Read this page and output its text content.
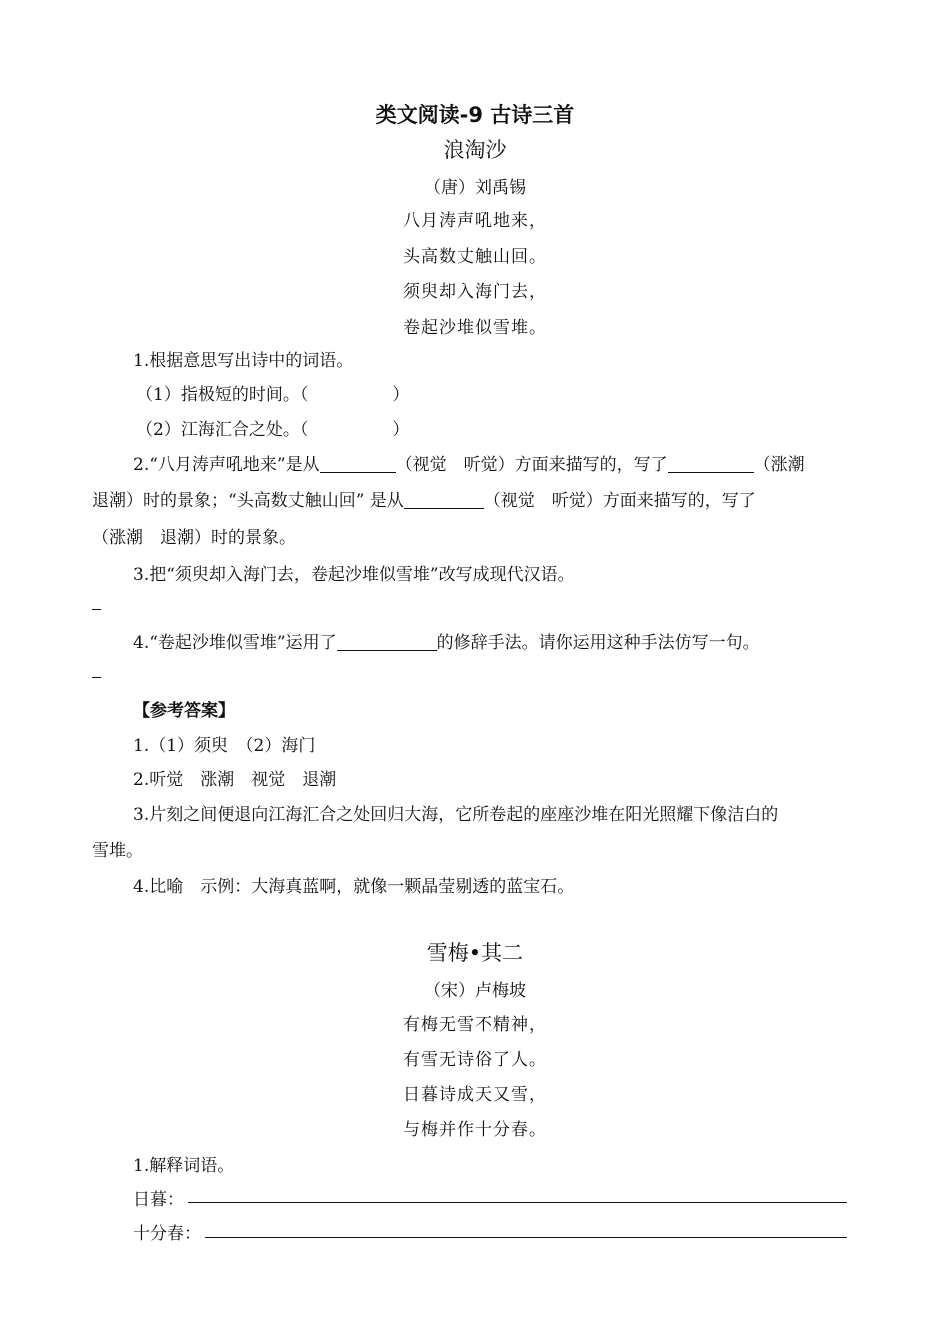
类文阅读-9 古诗三首
浪淘沙
（唐）刘禹锡
八月涛声吼地来，
头高数丈触山回。
须臾却入海门去，
卷起沙堆似雪堆。
1.根据意思写出诗中的词语。
（1）指极短的时间。（	）
（2）江海汇合之处。（	）
2.“八月涛声吼地来”是从	（视觉　听觉）方面来描写的，写了	（涨潮
退潮）时的景象；“头高数丈触山回” 是从	（视觉　听觉）方面来描写的，写了
（涨潮　退潮）时的景象。
3.把“须臾却入海门去，卷起沙堆似雪堆”改写成现代汉语。
4.“卷起沙堆似雪堆”运用了	的修辞手法。请你运用这种手法仿写一句。
【参考答案】
1.（1）须臾　（2）海门
2.听觉　涨潮　视觉　退潮
3.片刻之间便退向江海汇合之处回归大海，它所卷起的座座沙堆在阳光照耀下像洁白的
雪堆。
4.比喻　示例：大海真蓝啊，就像一颗晶莹剔透的蓝宝石。
雪梅•其二
（宋）卢梅坡
有梅无雪不精神，
有雪无诗俗了人。
日暮诗成天又雪，
与梅并作十分春。
1.解释词语。
日暮：
十分春：
